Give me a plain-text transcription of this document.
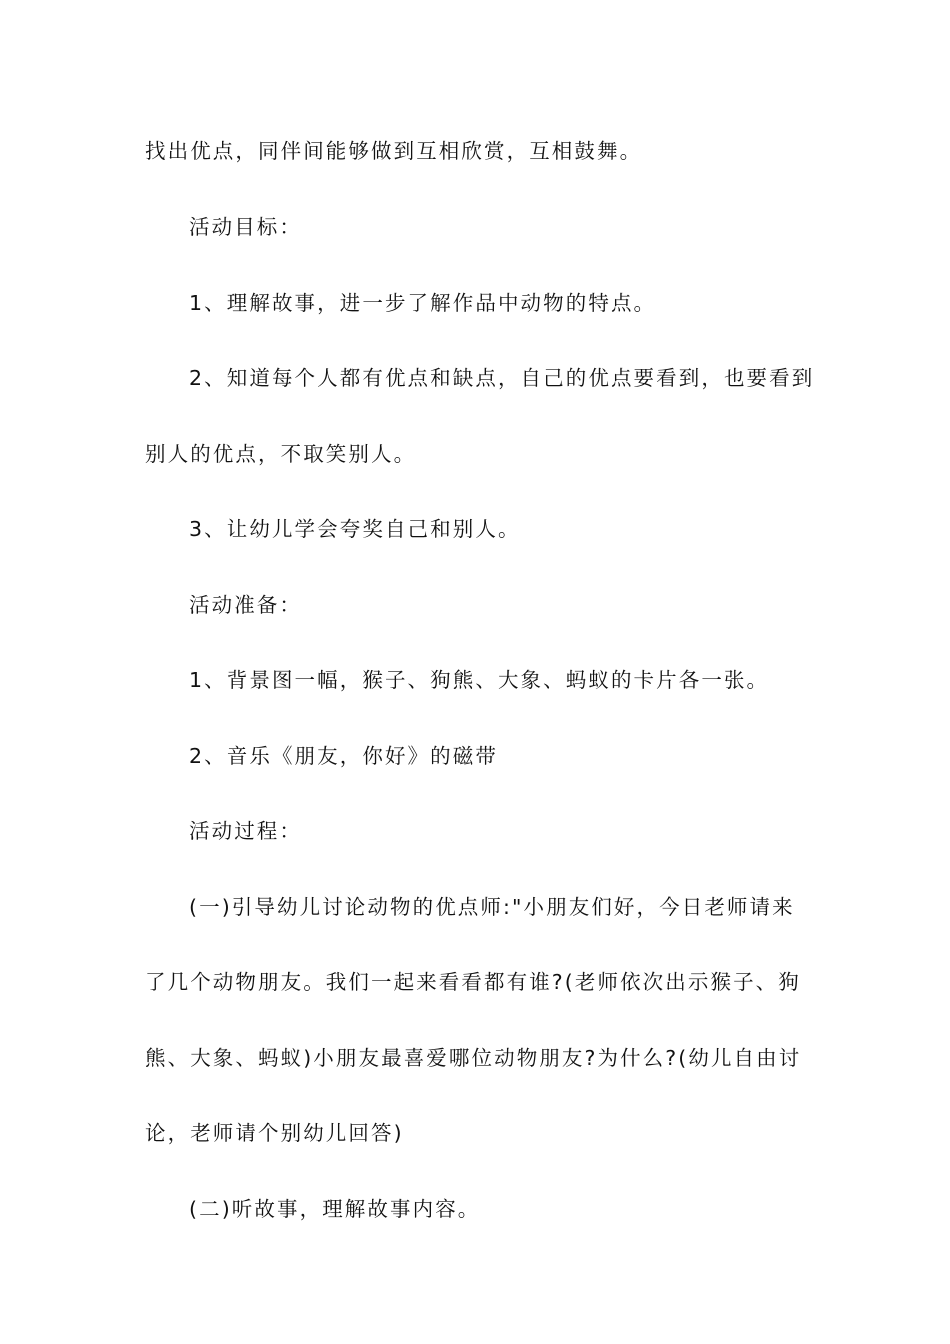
找出优点，同伴间能够做到互相欣赏，互相鼓舞。
活动目标：
1、理解故事，进一步了解作品中动物的特点。
2、知道每个人都有优点和缺点，自己的优点要看到，也要看到
别人的优点，不取笑别人。
3、让幼儿学会夸奖自己和别人。
活动准备：
1、背景图一幅，猴子、狗熊、大象、蚂蚁的卡片各一张。
2、音乐《朋友，你好》的磁带
活动过程：
(一)引导幼儿讨论动物的优点师:"小朋友们好，今日老师请来
了几个动物朋友。我们一起来看看都有谁?(老师依次出示猴子、狗
熊、大象、蚂蚁)小朋友最喜爱哪位动物朋友?为什么?(幼儿自由讨
论，老师请个别幼儿回答)
(二)听故事，理解故事内容。
